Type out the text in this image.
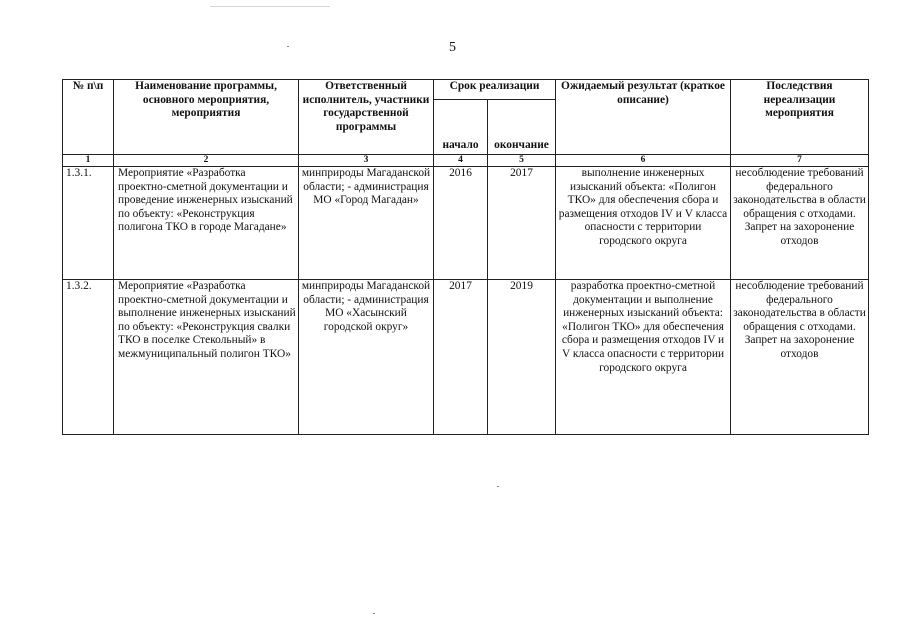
5
№ п\п	Наименование программы, основного мероприятия, мероприятия	Ответственный исполнитель, участники государственной программы	Срок реализации		Ожидаемый результат (краткое описание)	Последствия нереализации мероприятия
			начало	окончание		
1	2	3	4	5	6	7
1.3.1.	Мероприятие «Разработка проектно-сметной документации и проведение инженерных изысканий по объекту: «Реконструкция полигона ТКО в городе Магадане»	минприроды Магаданской области; - администрация МО «Город Магадан»	2016	2017	выполнение инженерных изысканий объекта: «Полигон ТКО» для обеспечения сбора и размещения отходов IV и V класса опасности с территории городского округа	несоблюдение требований федерального законодательства в области обращения с отходами. Запрет на захоронение отходов
1.3.2.	Мероприятие «Разработка проектно-сметной документации и выполнение инженерных изысканий по объекту: «Реконструкция свалки ТКО в поселке Стекольный» в межмуниципальный полигон ТКО»	минприроды Магаданской области; - администрация МО «Хасынский городской округ»	2017	2019	разработка проектно-сметной документации и выполнение инженерных изысканий объекта: «Полигон ТКО» для обеспечения сбора и размещения отходов IV и V класса опасности с территории городского округа	несоблюдение требований федерального законодательства в области обращения с отходами. Запрет на захоронение отходов
